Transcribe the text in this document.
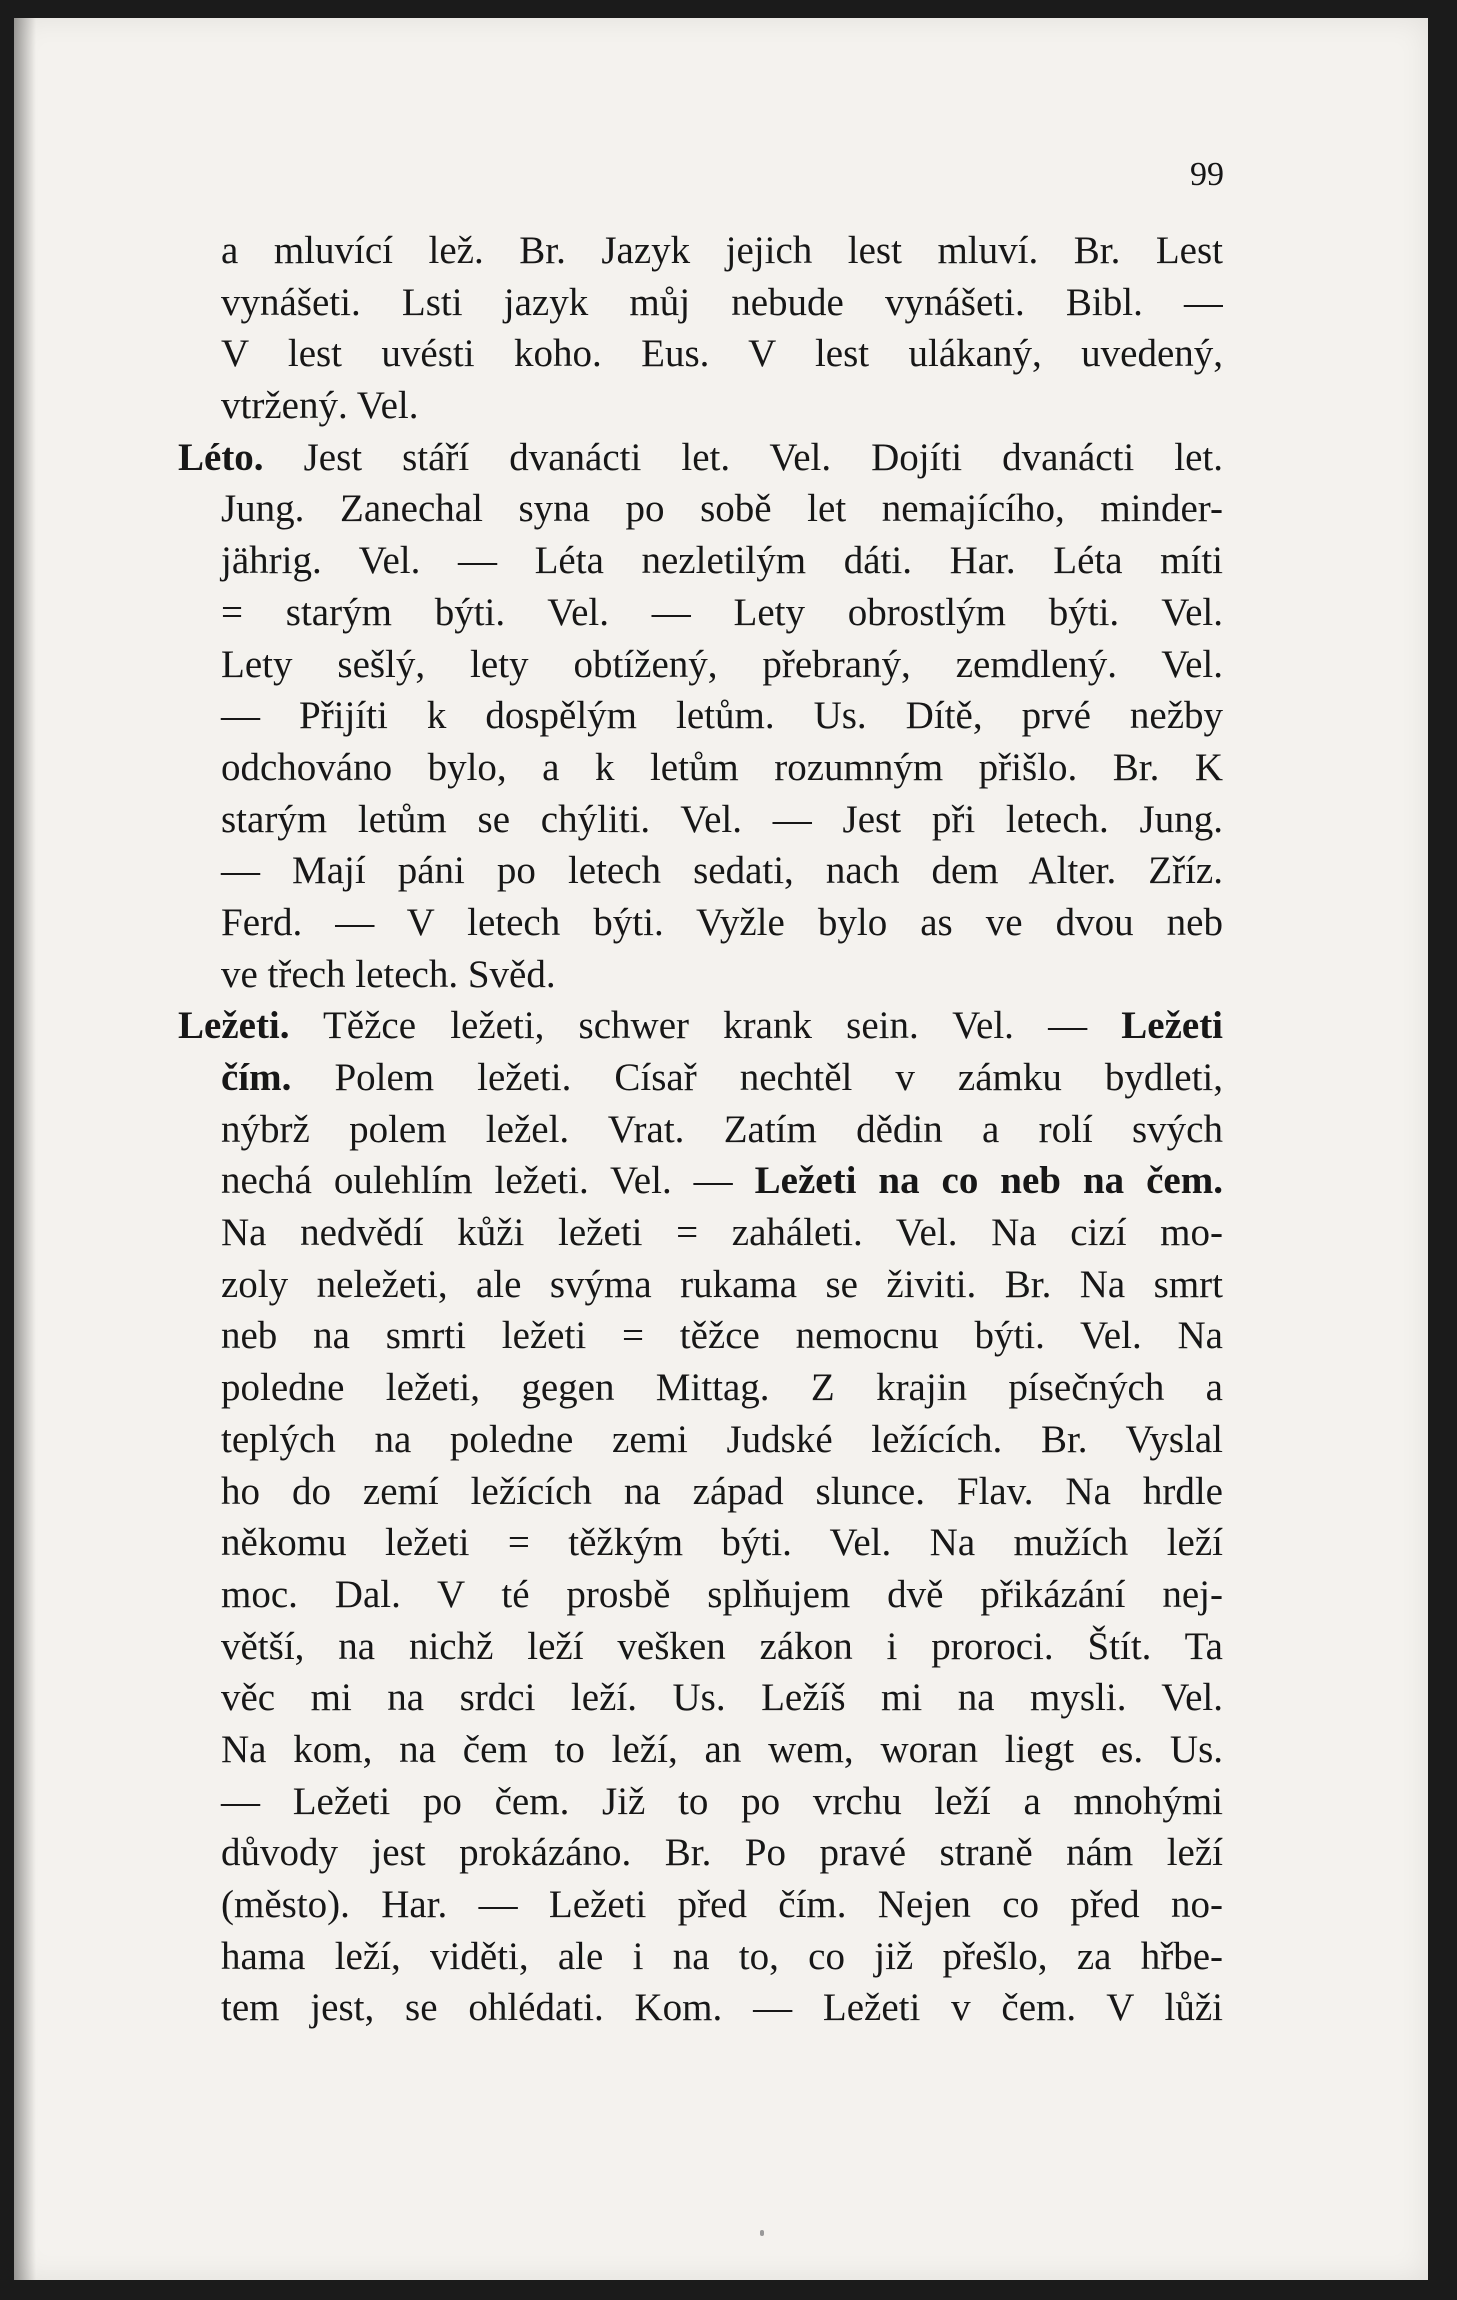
99
a mluvící lež. Br. Jazyk jejich lest mluví. Br. Lest
vynášeti. Lsti jazyk můj nebude vynášeti. Bibl. —
V lest uvésti koho. Eus. V lest ulákaný, uvedený,
vtržený. Vel.
Léto. Jest stáří dvanácti let. Vel. Dojíti dvanácti let.
Jung. Zanechal syna po sobě let nemajícího, minder-
jährig. Vel. — Léta nezletilým dáti. Har. Léta míti
= starým býti. Vel. — Lety obrostlým býti. Vel.
Lety sešlý, lety obtížený, přebraný, zemdlený. Vel.
— Přijíti k dospělým letům. Us. Dítě, prvé nežby
odchováno bylo, a k letům rozumným přišlo. Br. K
starým letům se chýliti. Vel. — Jest při letech. Jung.
— Mají páni po letech sedati, nach dem Alter. Zříz.
Ferd. — V letech býti. Vyžle bylo as ve dvou neb
ve třech letech. Svěd.
Ležeti. Těžce ležeti, schwer krank sein. Vel. — Ležeti
čím. Polem ležeti. Císař nechtěl v zámku bydleti,
nýbrž polem ležel. Vrat. Zatím dědin a rolí svých
nechá oulehlím ležeti. Vel. — Ležeti na co neb na čem.
Na nedvědí kůži ležeti = zaháleti. Vel. Na cizí mo-
zoly neležeti, ale svýma rukama se živiti. Br. Na smrt
neb na smrti ležeti = těžce nemocnu býti. Vel. Na
poledne ležeti, gegen Mittag. Z krajin písečných a
teplých na poledne zemi Judské ležících. Br. Vyslal
ho do zemí ležících na západ slunce. Flav. Na hrdle
někomu ležeti = těžkým býti. Vel. Na mužích leží
moc. Dal. V té prosbě splňujem dvě přikázání nej-
větší, na nichž leží vešken zákon i proroci. Štít. Ta
věc mi na srdci leží. Us. Ležíš mi na mysli. Vel.
Na kom, na čem to leží, an wem, woran liegt es. Us.
— Ležeti po čem. Již to po vrchu leží a mnohými
důvody jest prokázáno. Br. Po pravé straně nám leží
(město). Har. — Ležeti před čím. Nejen co před no-
hama leží, viděti, ale i na to, co již přešlo, za hřbe-
tem jest, se ohlédati. Kom. — Ležeti v čem. V lůži
